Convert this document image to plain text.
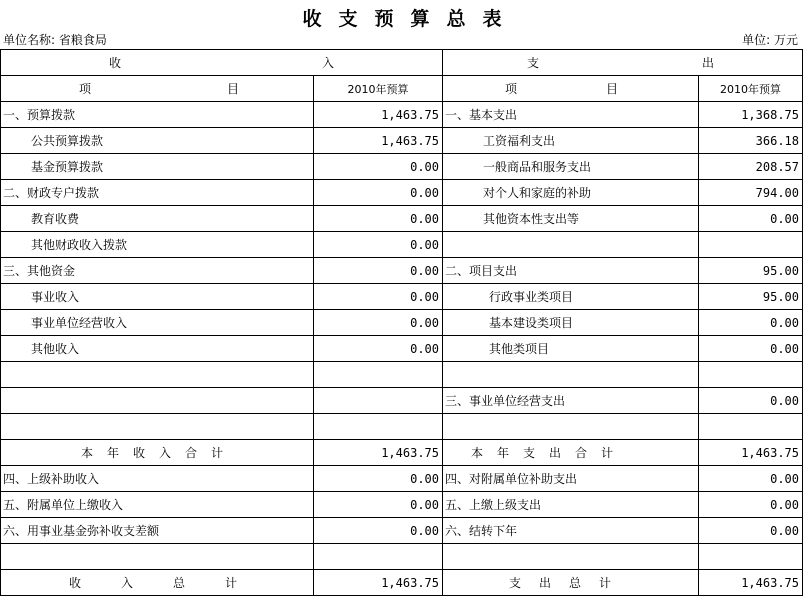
收支预算总表
单位名称: 省粮食局	单位: 万元
收 入		支 出	

项 目	2010年预算	项 目	2010年预算
一、预算拨款	1,463.75	一、基本支出	1,368.75
公共预算拨款	1,463.75	工资福利支出	366.18
基金预算拨款	0.00	一般商品和服务支出	208.57
二、财政专户拨款	0.00	对个人和家庭的补助	794.00
教育收费	0.00	其他资本性支出等	0.00
其他财政收入拨款	0.00		
三、其他资金	0.00	二、项目支出	95.00
事业收入	0.00	行政事业类项目	95.00
事业单位经营收入	0.00	基本建设类项目	0.00
其他收入	0.00	其他类项目	0.00

		三、事业单位经营支出	0.00

本年收入合计	1,463.75	本年支出合计	1,463.75
四、上级补助收入	0.00	四、对附属单位补助支出	0.00
五、附属单位上缴收入	0.00	五、上缴上级支出	0.00
六、用事业基金弥补收支差额	0.00	六、结转下年	0.00

收入总计	1,463.75	支出总计	1,463.75
